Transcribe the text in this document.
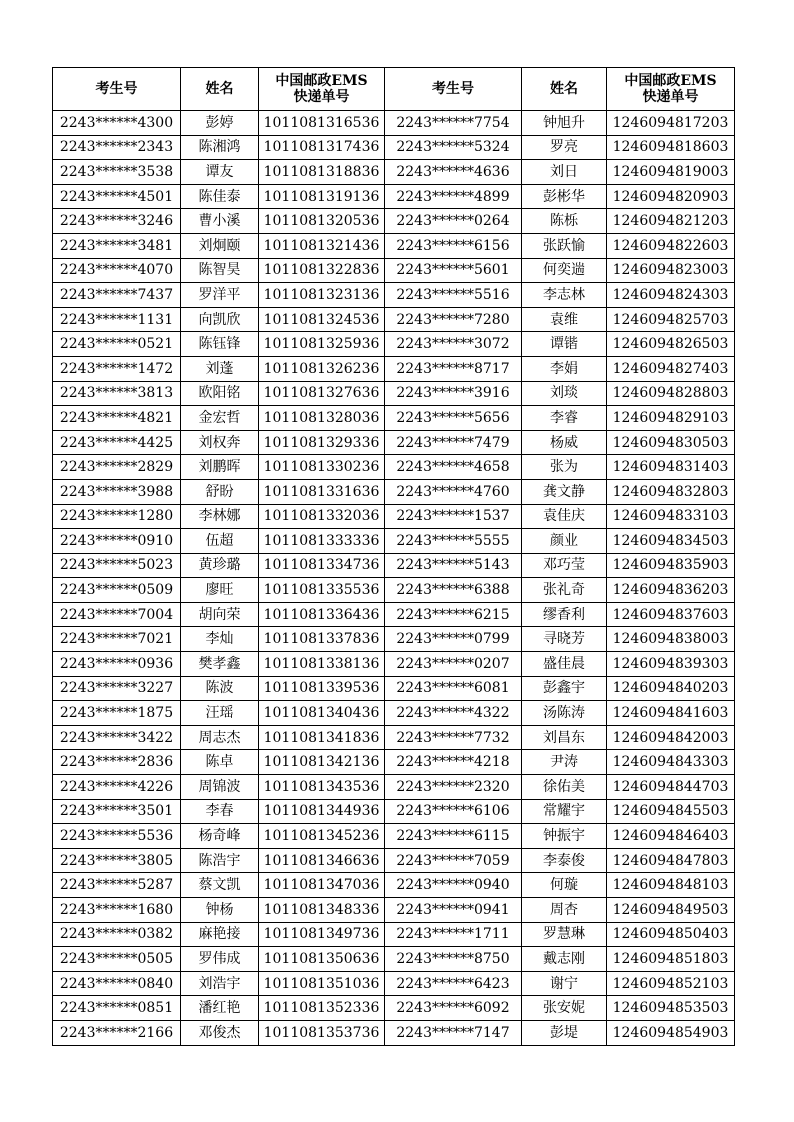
考生号	姓名	中国邮政EMS
快递单号	考生号	姓名	中国邮政EMS
快递单号
2243******4300	彭婷	1011081316536	2243******7754	钟旭升	1246094817203
2243******2343	陈湘鸿	1011081317436	2243******5324	罗亮	1246094818603
2243******3538	谭友	1011081318836	2243******4636	刘日	1246094819003
2243******4501	陈佳泰	1011081319136	2243******4899	彭彬华	1246094820903
2243******3246	曹小溪	1011081320536	2243******0264	陈栎	1246094821203
2243******3481	刘炯颐	1011081321436	2243******6156	张跃愉	1246094822603
2243******4070	陈智昊	1011081322836	2243******5601	何奕遄	1246094823003
2243******7437	罗洋平	1011081323136	2243******5516	李志林	1246094824303
2243******1131	向凯欣	1011081324536	2243******7280	袁维	1246094825703
2243******0521	陈钰锋	1011081325936	2243******3072	谭锴	1246094826503
2243******1472	刘蓬	1011081326236	2243******8717	李娟	1246094827403
2243******3813	欧阳铭	1011081327636	2243******3916	刘琰	1246094828803
2243******4821	金宏哲	1011081328036	2243******5656	李睿	1246094829103
2243******4425	刘权奔	1011081329336	2243******7479	杨威	1246094830503
2243******2829	刘鹏晖	1011081330236	2243******4658	张为	1246094831403
2243******3988	舒盼	1011081331636	2243******4760	龚文静	1246094832803
2243******1280	李林娜	1011081332036	2243******1537	袁佳庆	1246094833103
2243******0910	伍超	1011081333336	2243******5555	颜业	1246094834503
2243******5023	黄珍璐	1011081334736	2243******5143	邓巧莹	1246094835903
2243******0509	廖旺	1011081335536	2243******6388	张礼奇	1246094836203
2243******7004	胡向荣	1011081336436	2243******6215	缪香利	1246094837603
2243******7021	李灿	1011081337836	2243******0799	寻晓芳	1246094838003
2243******0936	樊孝鑫	1011081338136	2243******0207	盛佳晨	1246094839303
2243******3227	陈波	1011081339536	2243******6081	彭鑫宇	1246094840203
2243******1875	汪瑶	1011081340436	2243******4322	汤陈涛	1246094841603
2243******3422	周志杰	1011081341836	2243******7732	刘昌东	1246094842003
2243******2836	陈卓	1011081342136	2243******4218	尹涛	1246094843303
2243******4226	周锦波	1011081343536	2243******2320	徐佑美	1246094844703
2243******3501	李春	1011081344936	2243******6106	常耀宇	1246094845503
2243******5536	杨奇峰	1011081345236	2243******6115	钟振宇	1246094846403
2243******3805	陈浩宇	1011081346636	2243******7059	李泰俊	1246094847803
2243******5287	蔡文凯	1011081347036	2243******0940	何璇	1246094848103
2243******1680	钟杨	1011081348336	2243******0941	周杏	1246094849503
2243******0382	麻艳接	1011081349736	2243******1711	罗慧琳	1246094850403
2243******0505	罗伟成	1011081350636	2243******8750	戴志刚	1246094851803
2243******0840	刘浩宇	1011081351036	2243******6423	谢宁	1246094852103
2243******0851	潘红艳	1011081352336	2243******6092	张安妮	1246094853503
2243******2166	邓俊杰	1011081353736	2243******7147	彭堤	1246094854903
